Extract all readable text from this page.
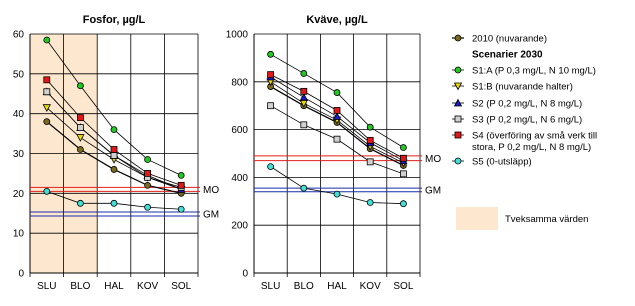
0
10
20
30
40
50
60
SLU BLO HAL KOV SOL
MO
GM
Fosfor, µg/L
0
200
400
600
800
1000
SLU BLO HAL KOV SOL
MO
GM
Kväve, µg/L
2010 (nuvarande)
Scenarier 2030
S1:A (P 0,3 mg/L, N 10 mg/L)
S1:B (nuvarande halter)
S2 (P 0,2 mg/L, N 8 mg/L)
S3 (P 0,2 mg/L, N 6 mg/L)
S4 (överföring av små verk till
stora, P 0,2 mg/L, N 8 mg/L)
S5 (0-utsläpp)
Tveksamma värden
